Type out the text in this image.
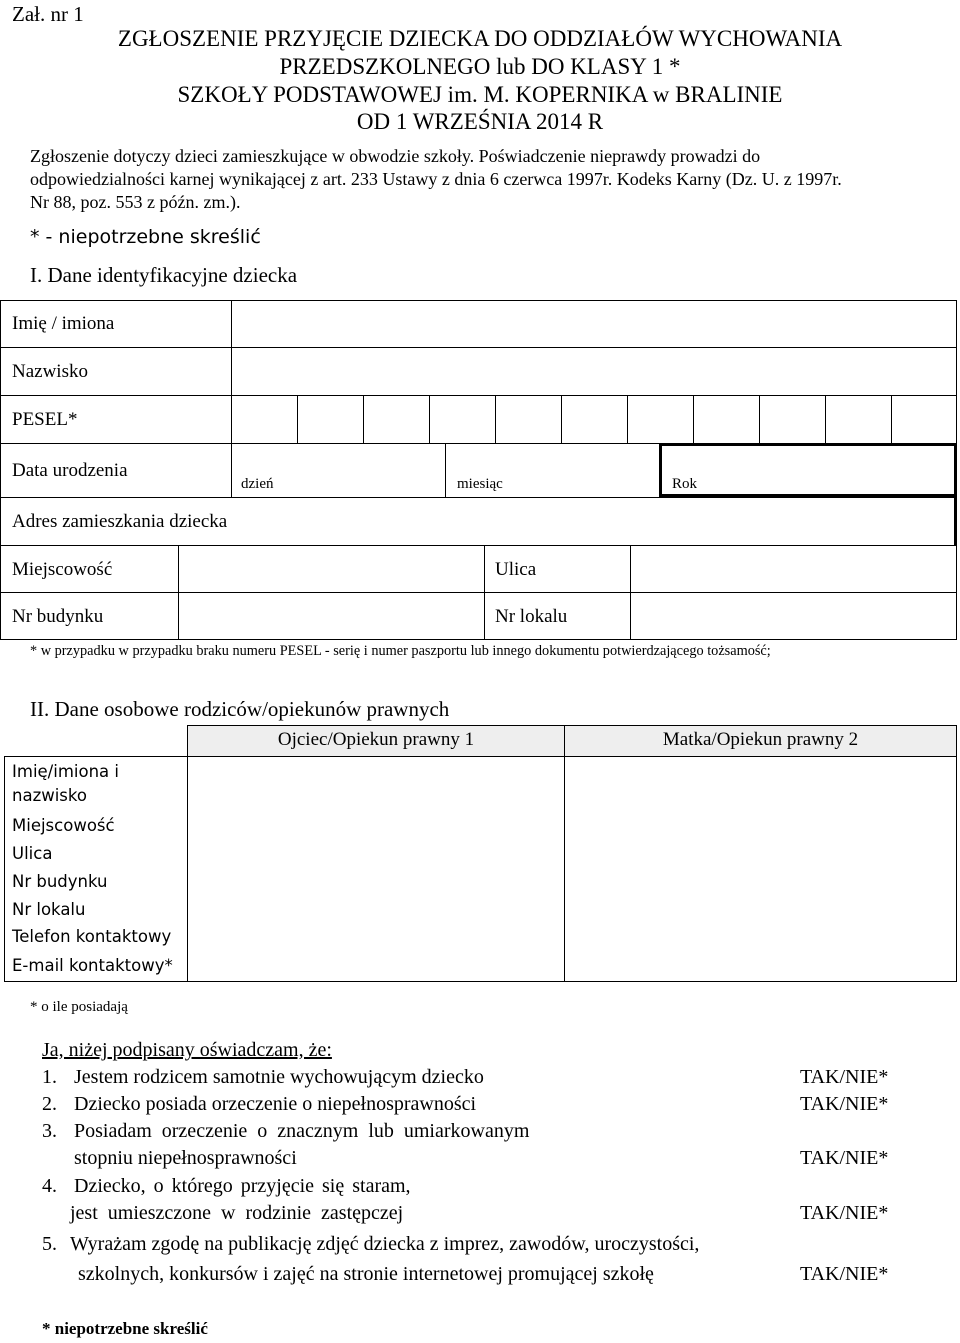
Zał. nr 1
ZGŁOSZENIE PRZYJĘCIE DZIECKA DO ODDZIAŁÓW WYCHOWANIA
PRZEDSZKOLNEGO lub DO KLASY 1 *
SZKOŁY PODSTAWOWEJ im. M. KOPERNIKA w BRALINIE
OD 1 WRZEŚNIA 2014 R
Zgłoszenie dotyczy dzieci zamieszkujące w obwodzie szkoły. Poświadczenie nieprawdy prowadzi do
odpowiedzialności karnej wynikającej z art. 233 Ustawy z dnia 6 czerwca 1997r. Kodeks Karny (Dz. U. z 1997r.
Nr 88, poz. 553 z późn. zm.).
* - niepotrzebne skreślić
I. Dane identyfikacyjne dziecka
Imię / imiona
Nazwisko
PESEL*
Data urodzenia
dzień	miesiąc	Rok
Adres zamieszkania dziecka
Miejscowość	Ulica
Nr budynku	Nr lokalu
* w przypadku w przypadku braku numeru PESEL - serię i numer paszportu lub innego dokumentu potwierdzającego tożsamość;
II. Dane osobowe rodziców/opiekunów prawnych
Ojciec/Opiekun prawny 1	Matka/Opiekun prawny 2
Imię/imiona i
nazwisko
Miejscowość
Ulica
Nr budynku
Nr lokalu
Telefon kontaktowy
E-mail kontaktowy*
* o ile posiadają
Ja, niżej podpisany oświadczam, że:
1. Jestem rodzicem samotnie wychowującym dziecko	TAK/NIE*
2. Dziecko posiada orzeczenie o niepełnosprawności	TAK/NIE*
3. Posiadam orzeczenie o znacznym lub umiarkowanym
stopniu niepełnosprawności	TAK/NIE*
4. Dziecko, o którego przyjęcie się staram,
jest umieszczone w rodzinie zastępczej	TAK/NIE*
5. Wyrażam zgodę na publikację zdjęć dziecka z imprez, zawodów, uroczystości,
szkolnych, konkursów i zajęć na stronie internetowej promującej szkołę	TAK/NIE*
* niepotrzebne skreślić
